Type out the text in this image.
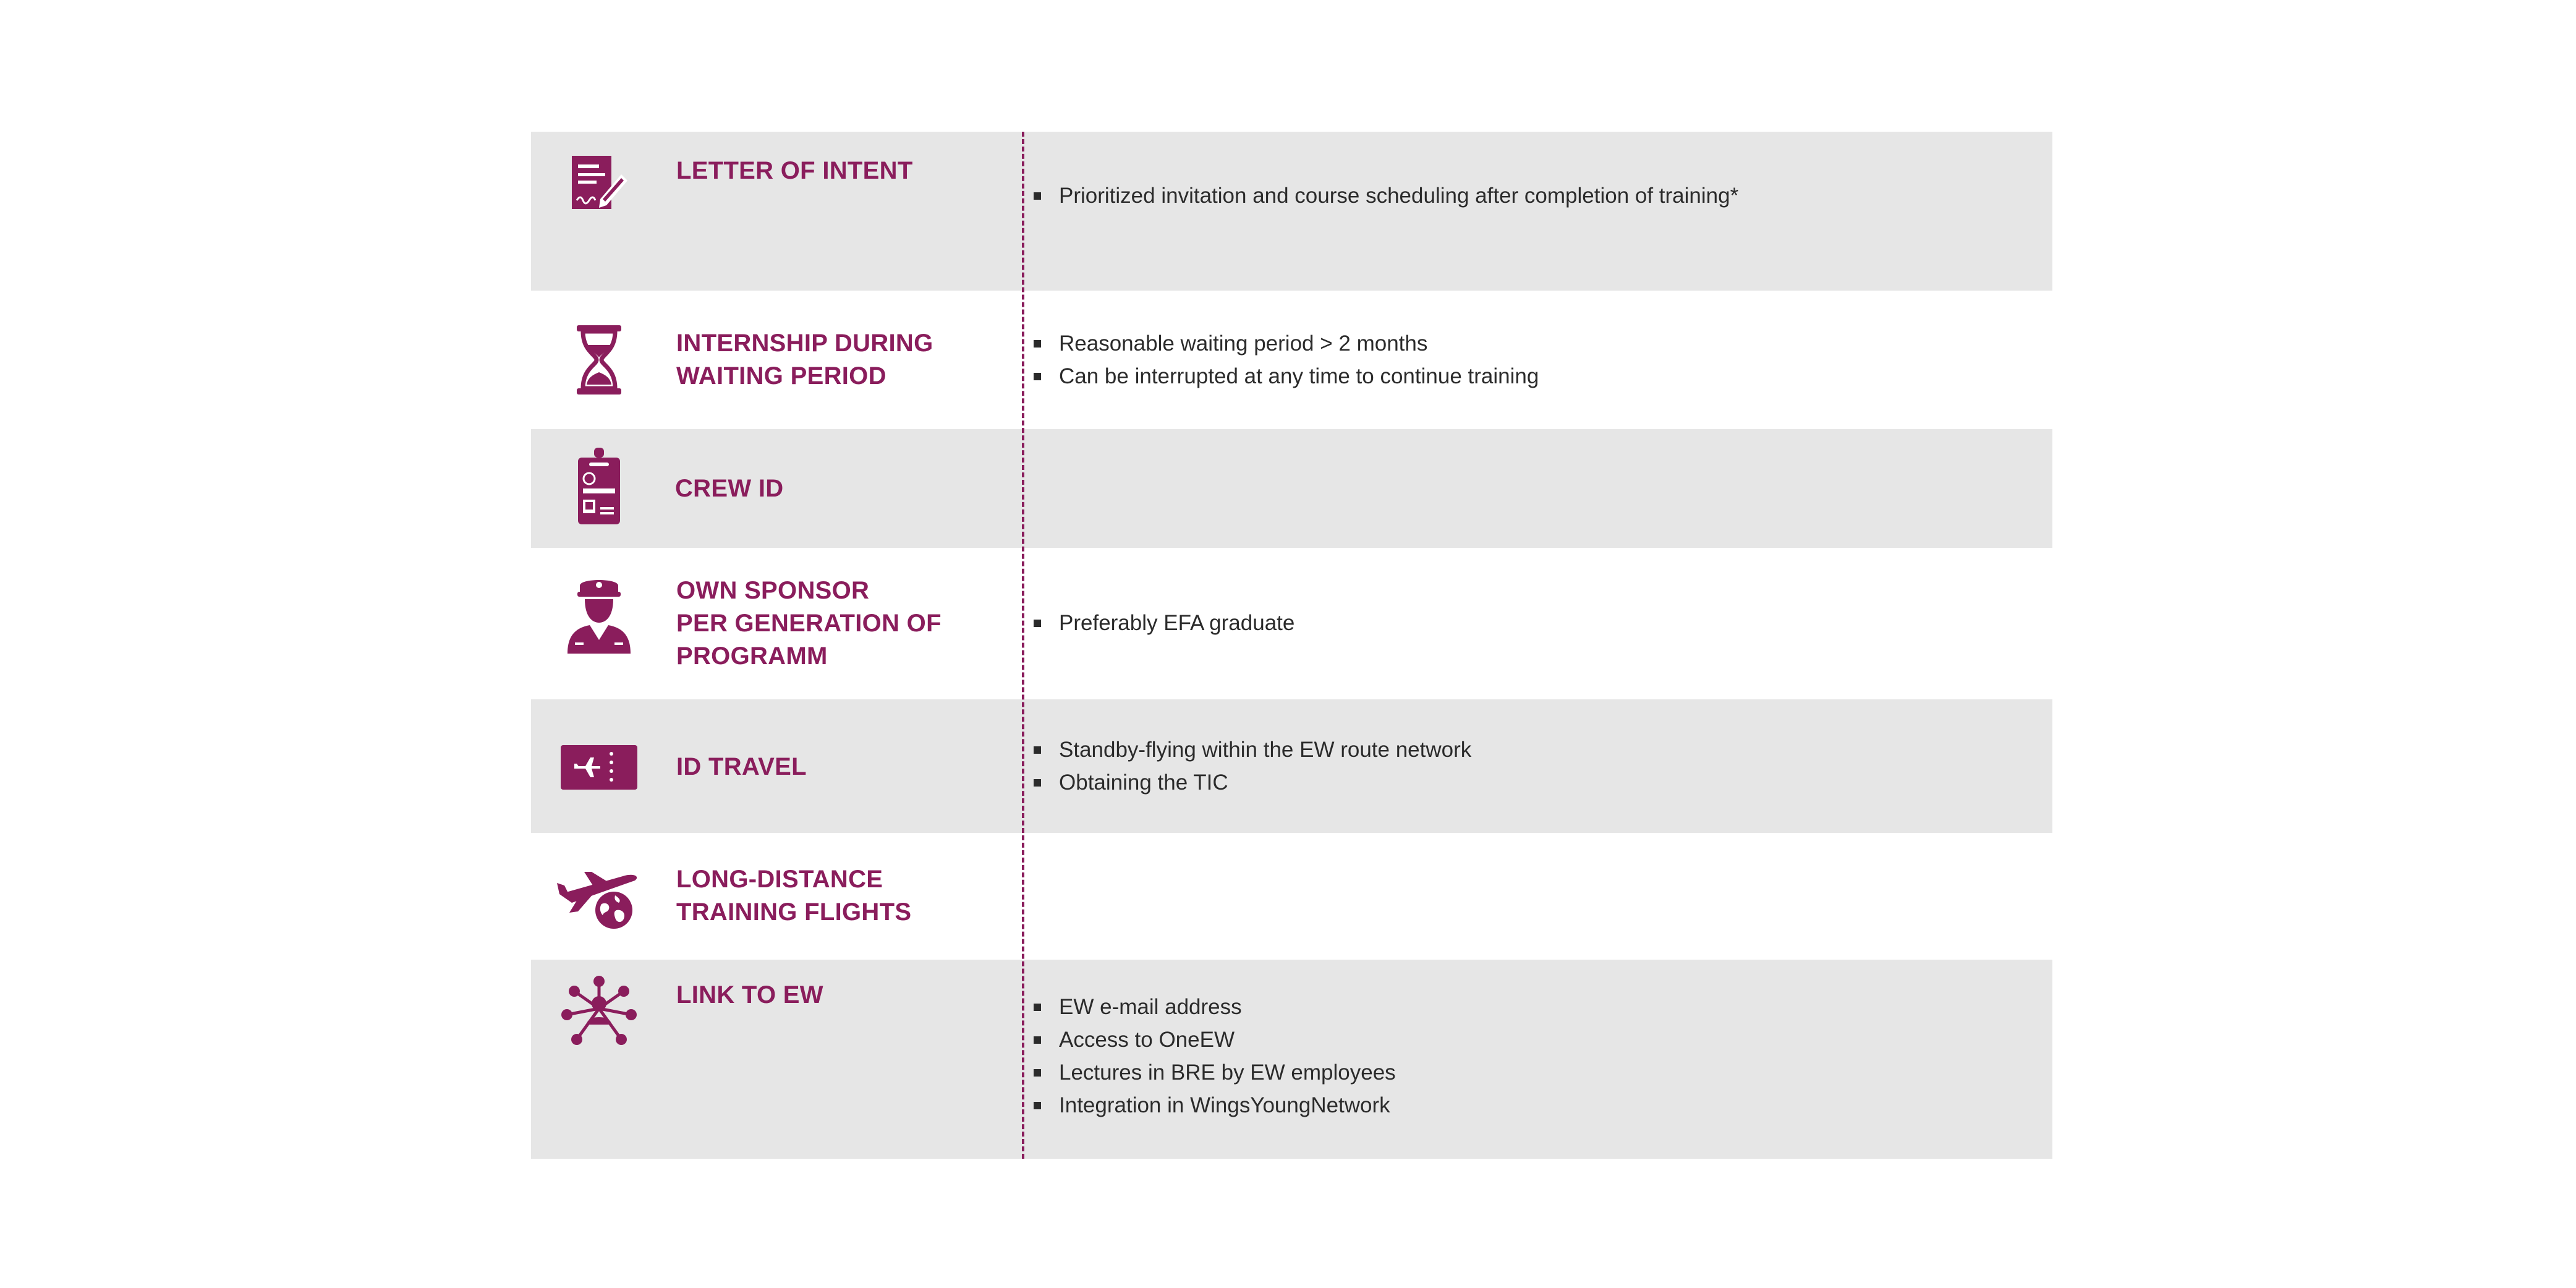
LETTER OF INTENT
Prioritized invitation and course scheduling after completion of training*
INTERNSHIP DURING
WAITING PERIOD
Reasonable waiting period > 2 months
Can be interrupted at any time to continue training
CREW ID
OWN SPONSOR
PER GENERATION OF
PROGRAMM
Preferably EFA graduate
ID TRAVEL
Standby-flying within the EW route network
Obtaining the TIC
LONG-DISTANCE
TRAINING FLIGHTS
LINK TO EW	EW e-mail address
Access to OneEW
Lectures in BRE by EW employees
Integration in WingsYoungNetwork
